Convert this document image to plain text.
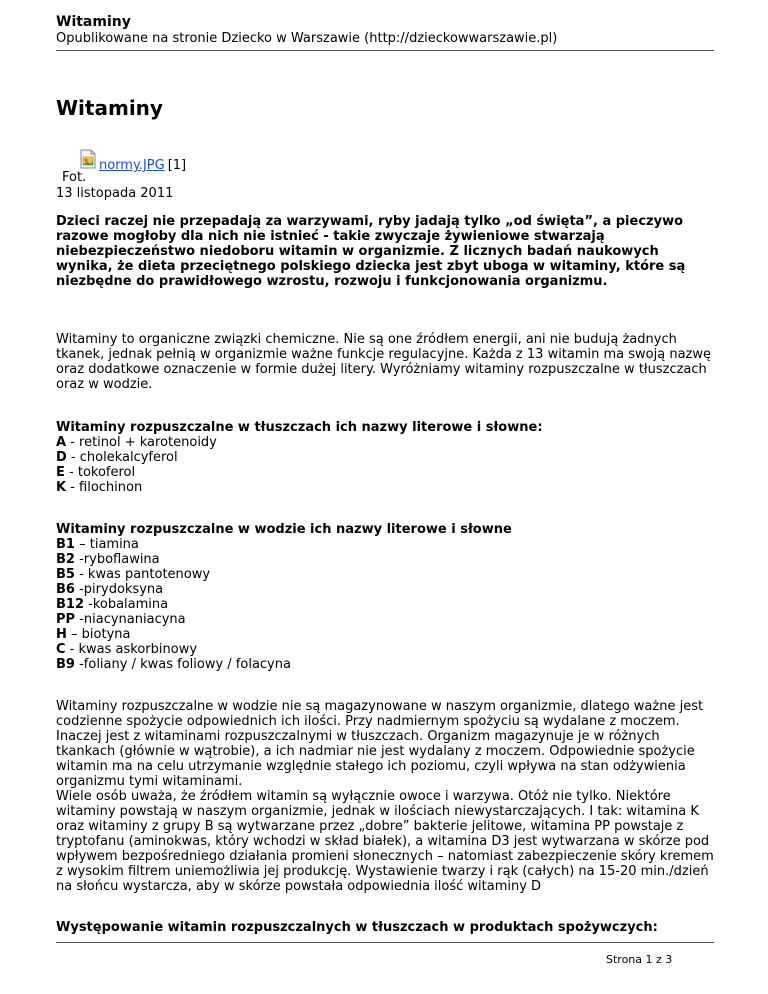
Witaminy
Opublikowane na stronie Dziecko w Warszawie (http://dzieckowwarszawie.pl)
Witaminy
normy.JPG [1]
Fot.
13 listopada 2011
Dzieci raczej nie przepadają za warzywami, ryby jadają tylko „od święta”, a pieczywo razowe mogłoby dla nich nie istnieć - takie zwyczaje żywieniowe stwarzają niebezpieczeństwo niedoboru witamin w organizmie. Z licznych badań naukowych wynika, że dieta przeciętnego polskiego dziecka jest zbyt uboga w witaminy, które są niezbędne do prawidłowego wzrostu, rozwoju i funkcjonowania organizmu.
Witaminy to organiczne związki chemiczne. Nie są one źródłem energii, ani nie budują żadnych tkanek, jednak pełnią w organizmie ważne funkcje regulacyjne. Każda z 13 witamin ma swoją nazwę oraz dodatkowe oznaczenie w formie dużej litery. Wyróżniamy witaminy rozpuszczalne w tłuszczach oraz w wodzie.
Witaminy rozpuszczalne w tłuszczach ich nazwy literowe i słowne:
A - retinol + karotenoidy
D - cholekalcyferol
E - tokoferol
K - filochinon
Witaminy rozpuszczalne w wodzie ich nazwy literowe i słowne
B1 – tiamina
B2 -ryboflawina
B5 - kwas pantotenowy
B6 -pirydoksyna
B12 -kobalamina
PP -niacynaniacyna
H – biotyna
C - kwas askorbinowy
B9 -foliany / kwas foliowy / folacyna
Witaminy rozpuszczalne w wodzie nie są magazynowane w naszym organizmie, dlatego ważne jest codzienne spożycie odpowiednich ich ilości. Przy nadmiernym spożyciu są wydalane z moczem. Inaczej jest z witaminami rozpuszczalnymi w tłuszczach. Organizm magazynuje je w różnych tkankach (głównie w wątrobie), a ich nadmiar nie jest wydalany z moczem. Odpowiednie spożycie witamin ma na celu utrzymanie względnie stałego ich poziomu, czyli wpływa na stan odżywienia organizmu tymi witaminami.
Wiele osób uważa, że źródłem witamin są wyłącznie owoce i warzywa. Otóż nie tylko. Niektóre witaminy powstają w naszym organizmie, jednak w ilościach niewystarczających. I tak: witamina K oraz witaminy z grupy B są wytwarzane przez „dobre” bakterie jelitowe, witamina PP powstaje z tryptofanu (aminokwas, który wchodzi w skład białek), a witamina D3 jest wytwarzana w skórze pod wpływem bezpośredniego działania promieni słonecznych – natomiast zabezpieczenie skóry kremem z wysokim filtrem uniemożliwia jej produkcję. Wystawienie twarzy i rąk (całych) na 15-20 min./dzień na słońcu wystarcza, aby w skórze powstała odpowiednia ilość witaminy D
Występowanie witamin rozpuszczalnych w tłuszczach w produktach spożywczych:
Strona 1 z 3
